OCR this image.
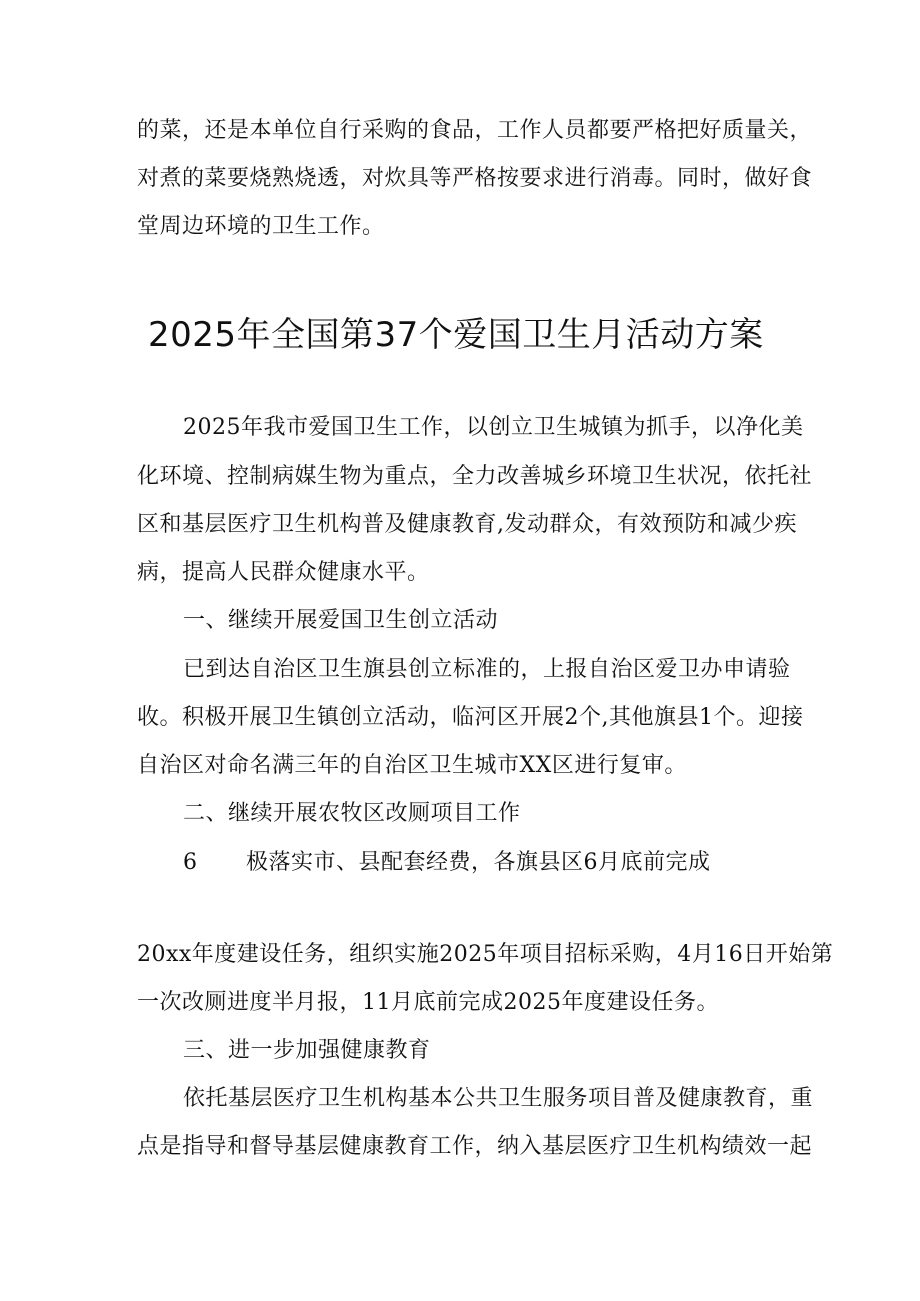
的菜，还是本单位自行采购的食品，工作人员都要严格把好质量关，
对煮的菜要烧熟烧透，对炊具等严格按要求进行消毒。同时，做好食
堂周边环境的卫生工作。
2025年全国第37个爱国卫生月活动方案
2025年我市爱国卫生工作，以创立卫生城镇为抓手，以净化美
化环境、控制病媒生物为重点，全力改善城乡环境卫生状况，依托社
区和基层医疗卫生机构普及健康教育,发动群众，有效预防和减少疾
病，提高人民群众健康水平。
一、继续开展爱国卫生创立活动
已到达自治区卫生旗县创立标准的，上报自治区爱卫办申请验
收。积极开展卫生镇创立活动，临河区开展2个,其他旗县1个。迎接
自治区对命名满三年的自治区卫生城市XX区进行复审。
二、继续开展农牧区改厕项目工作
6 极落实市、县配套经费，各旗县区6月底前完成
20xx年度建设任务，组织实施2025年项目招标采购，4月16日开始第
一次改厕进度半月报，11月底前完成2025年度建设任务。
三、进一步加强健康教育
依托基层医疗卫生机构基本公共卫生服务项目普及健康教育，重
点是指导和督导基层健康教育工作，纳入基层医疗卫生机构绩效一起
